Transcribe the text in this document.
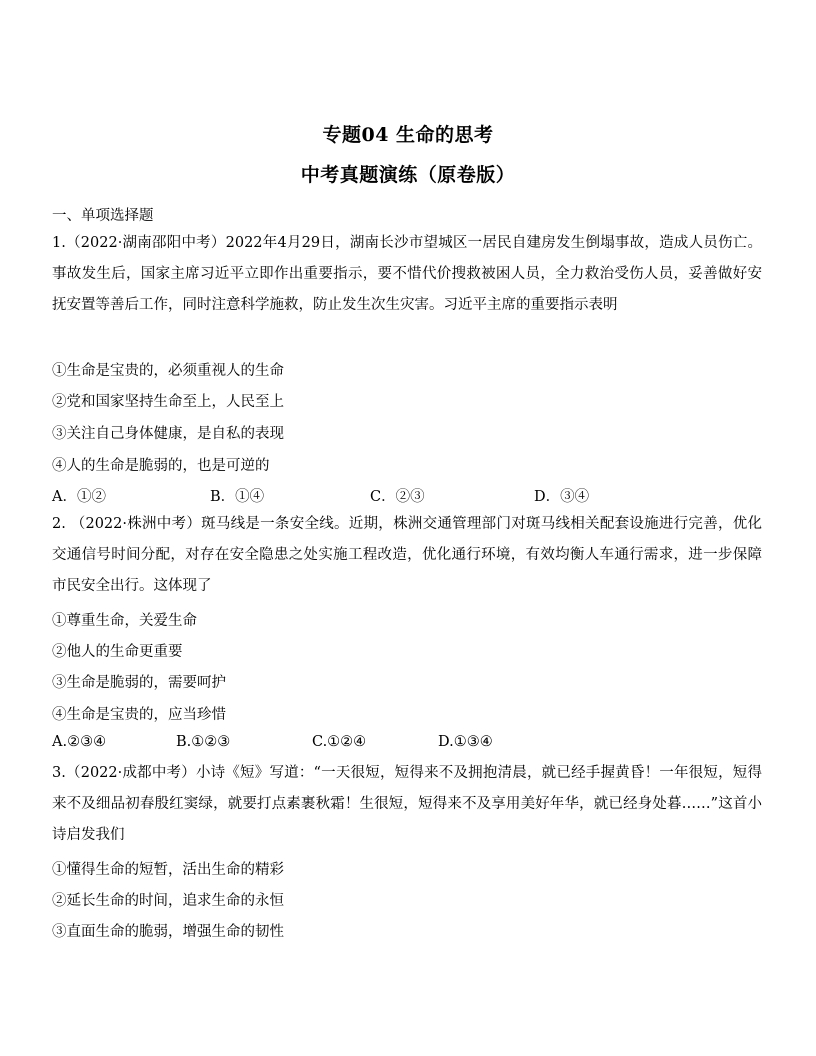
专题04 生命的思考
中考真题演练（原卷版）
一、单项选择题
1.（2022·湖南邵阳中考）2022年4月29日，湖南长沙市望城区一居民自建房发生倒塌事故，造成人员伤亡。事故发生后，国家主席习近平立即作出重要指示，要不惜代价搜救被困人员，全力救治受伤人员，妥善做好安抚安置等善后工作，同时注意科学施救，防止发生次生灾害。习近平主席的重要指示表明
①生命是宝贵的，必须重视人的生命
②党和国家坚持生命至上，人民至上
③关注自己身体健康，是自私的表现
④人的生命是脆弱的，也是可逆的
A．①②	B．①④	C．②③	D．③④
2. （2022·株洲中考）斑马线是一条安全线。近期，株洲交通管理部门对斑马线相关配套设施进行完善，优化交通信号时间分配，对存在安全隐患之处实施工程改造，优化通行环境，有效均衡人车通行需求，进一步保障市民安全出行。这体现了
①尊重生命，关爱生命
②他人的生命更重要
③生命是脆弱的，需要呵护
④生命是宝贵的，应当珍惜
A.②③④	B.①②③	C.①②④	D.①③④
3.（2022·成都中考）小诗《短》写道：“一天很短，短得来不及拥抱清晨，就已经手握黄昏！一年很短，短得来不及细品初春殷红窦绿，就要打点素裹秋霜！生很短，短得来不及享用美好年华，就已经身处暮……”这首小诗启发我们
①懂得生命的短暂，活出生命的精彩
②延长生命的时间，追求生命的永恒
③直面生命的脆弱，增强生命的韧性
